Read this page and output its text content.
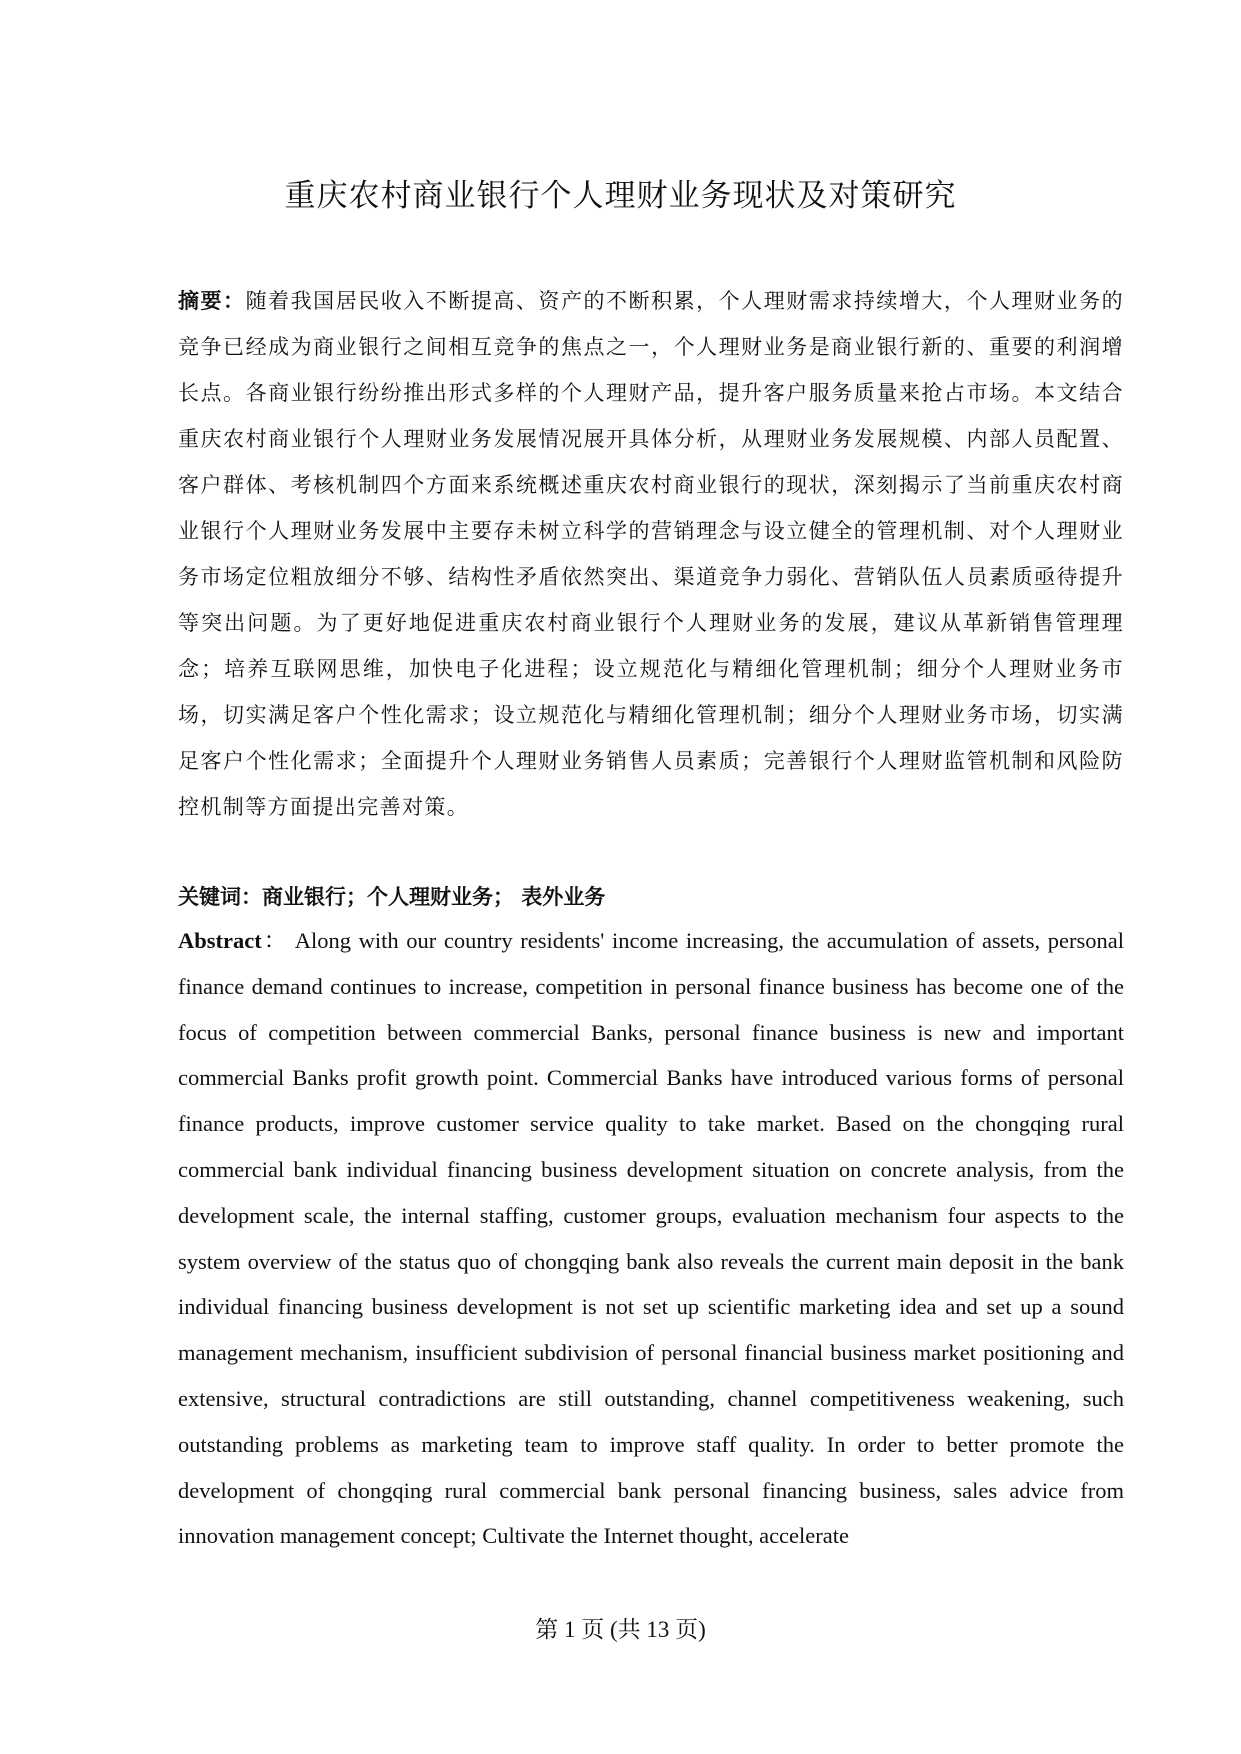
重庆农村商业银行个人理财业务现状及对策研究

摘要：随着我国居民收入不断提高、资产的不断积累，个人理财需求持续增大，个人理财业务的竞争已经成为商业银行之间相互竞争的焦点之一，个人理财业务是商业银行新的、重要的利润增长点。各商业银行纷纷推出形式多样的个人理财产品，提升客户服务质量来抢占市场。本文结合重庆农村商业银行个人理财业务发展情况展开具体分析，从理财业务发展规模、内部人员配置、客户群体、考核机制四个方面来系统概述重庆农村商业银行的现状，深刻揭示了当前重庆农村商业银行个人理财业务发展中主要存未树立科学的营销理念与设立健全的管理机制、对个人理财业务市场定位粗放细分不够、结构性矛盾依然突出、渠道竞争力弱化、营销队伍人员素质亟待提升等突出问题。为了更好地促进重庆农村商业银行个人理财业务的发展，建议从革新销售管理理念；培养互联网思维，加快电子化进程；设立规范化与精细化管理机制；细分个人理财业务市场，切实满足客户个性化需求；设立规范化与精细化管理机制；细分个人理财业务市场，切实满足客户个性化需求；全面提升个人理财业务销售人员素质；完善银行个人理财监管机制和风险防控机制等方面提出完善对策。

关键词：商业银行；个人理财业务； 表外业务

Abstract： Along with our country residents' income increasing, the accumulation of assets, personal finance demand continues to increase, competition in personal finance business has become one of the focus of competition between commercial Banks, personal finance business is new and important commercial Banks profit growth point. Commercial Banks have introduced various forms of personal finance products, improve customer service quality to take market. Based on the chongqing rural commercial bank individual financing business development situation on concrete analysis, from the development scale, the internal staffing, customer groups, evaluation mechanism four aspects to the system overview of the status quo of chongqing bank also reveals the current main deposit in the bank individual financing business development is not set up scientific marketing idea and set up a sound management mechanism, insufficient subdivision of personal financial business market positioning and extensive, structural contradictions are still outstanding, channel competitiveness weakening, such outstanding problems as marketing team to improve staff quality. In order to better promote the development of chongqing rural commercial bank personal financing business, sales advice from innovation management concept; Cultivate the Internet thought, accelerate

第 1 页 (共 13 页)
